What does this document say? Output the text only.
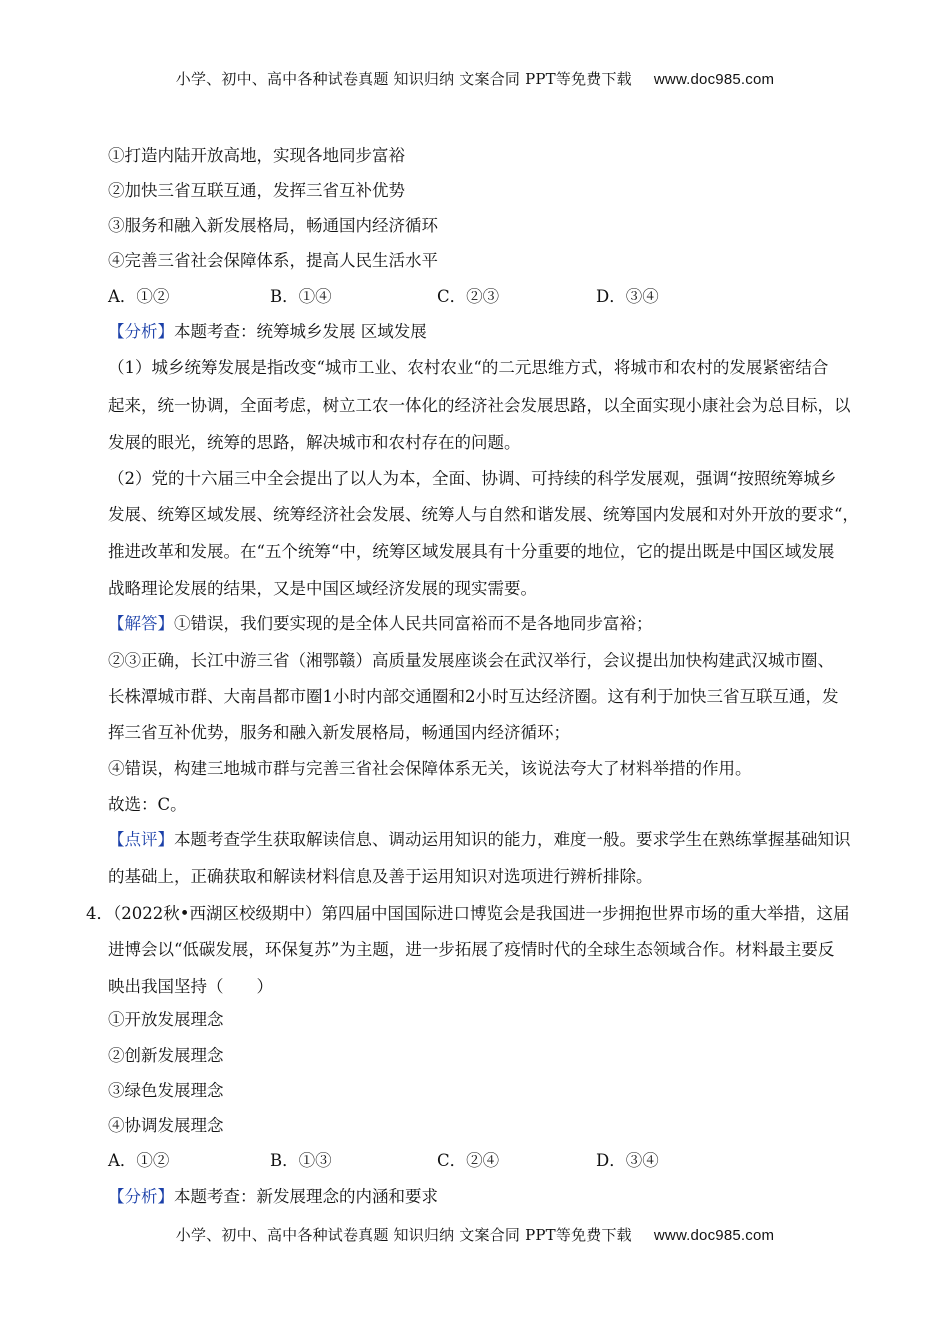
小学、初中、高中各种试卷真题 知识归纳 文案合同 PPT等免费下载 www.doc985.com
①打造内陆开放高地，实现各地同步富裕
②加快三省互联互通，发挥三省互补优势
③服务和融入新发展格局，畅通国内经济循环
④完善三省社会保障体系，提高人民生活水平
A．①②	B．①④	C．②③	D．③④
【分析】本题考查：统筹城乡发展 区域发展
（1）城乡统筹发展是指改变“城市工业、农村农业“的二元思维方式，将城市和农村的发展紧密结合
起来，统一协调，全面考虑，树立工农一体化的经济社会发展思路，以全面实现小康社会为总目标，以
发展的眼光，统筹的思路，解决城市和农村存在的问题。
（2）党的十六届三中全会提出了以人为本，全面、协调、可持续的科学发展观，强调“按照统筹城乡
发展、统筹区域发展、统筹经济社会发展、统筹人与自然和谐发展、统筹国内发展和对外开放的要求“，
推进改革和发展。在“五个统筹“中，统筹区域发展具有十分重要的地位，它的提出既是中国区域发展
战略理论发展的结果，又是中国区域经济发展的现实需要。
【解答】①错误，我们要实现的是全体人民共同富裕而不是各地同步富裕；
②③正确，长江中游三省（湘鄂赣）高质量发展座谈会在武汉举行，会议提出加快构建武汉城市圈、
长株潭城市群、大南昌都市圈1小时内部交通圈和2小时互达经济圈。这有利于加快三省互联互通，发
挥三省互补优势，服务和融入新发展格局，畅通国内经济循环；
④错误，构建三地城市群与完善三省社会保障体系无关，该说法夸大了材料举措的作用。
故选：C。
【点评】本题考查学生获取解读信息、调动运用知识的能力，难度一般。要求学生在熟练掌握基础知识
的基础上，正确获取和解读材料信息及善于运用知识对选项进行辨析排除。
4．（2022秋•西湖区校级期中）第四届中国国际进口博览会是我国进一步拥抱世界市场的重大举措，这届
进博会以“低碳发展，环保复苏”为主题，进一步拓展了疫情时代的全球生态领域合作。材料最主要反
映出我国坚持（　　）
①开放发展理念
②创新发展理念
③绿色发展理念
④协调发展理念
A．①②	B．①③	C．②④	D．③④
【分析】本题考查：新发展理念的内涵和要求
小学、初中、高中各种试卷真题 知识归纳 文案合同 PPT等免费下载 www.doc985.com
